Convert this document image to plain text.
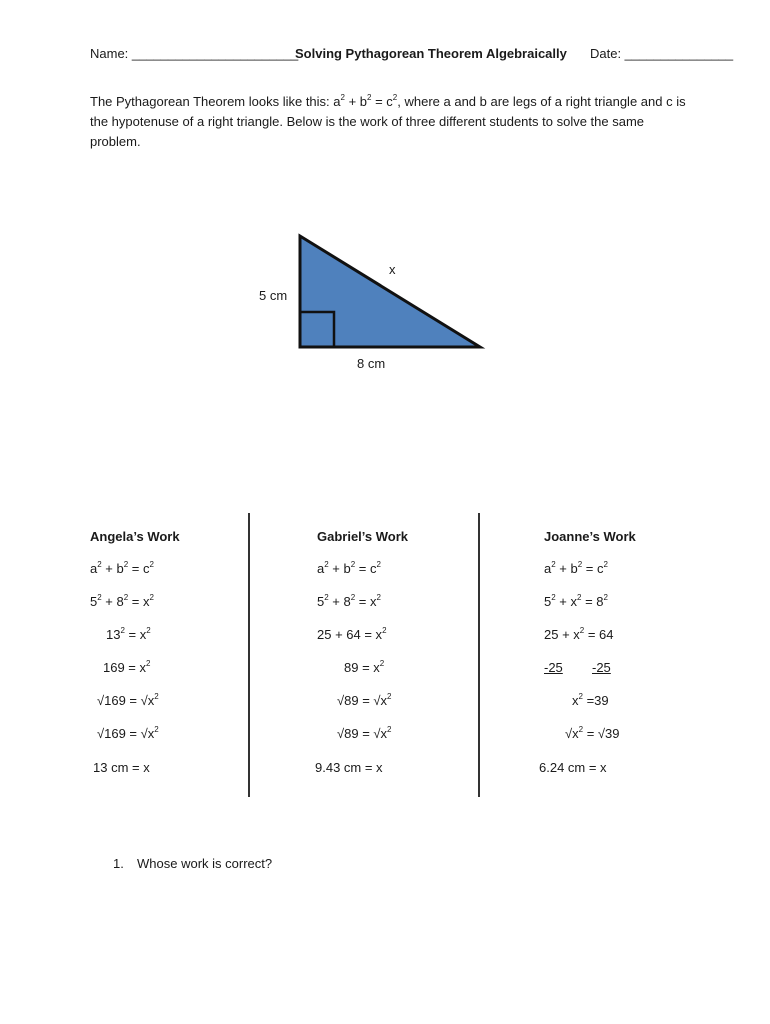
Name: _______________________
Solving Pythagorean Theorem Algebraically Date: _______________
The Pythagorean Theorem looks like this: $a^2 + b^2 = c^2$, where a and b are legs of a right triangle and c is the hypotenuse of a right triangle. Below is the work of three different students to solve the same problem.
5 cm
8 cm
x
Angela’s Work
$a^2 + b^2 = c^2$
$5^2 + 8^2 = x^2$
$13^2 = x^2$
$169 = x^2$
$√169 = √x^2$
$√169 = √x^2$
13 cm = x
Gabriel’s Work
$a^2 + b^2 = c^2$
$5^2 + 8^2 = x^2$
$25 + 64 = x^2$
$89 = x^2$
$√89 = √x^2$
$√89 = √x^2$
9.43 cm = x
Joanne’s Work
$a^2 + b^2 = c^2$
$5^2 + x^2 = 8^2$
$25 + x^2 = 64$
-25 -25
$x^2 =39$
$√x^2 = √39$
6.24 cm = x
1. Whose work is correct?
